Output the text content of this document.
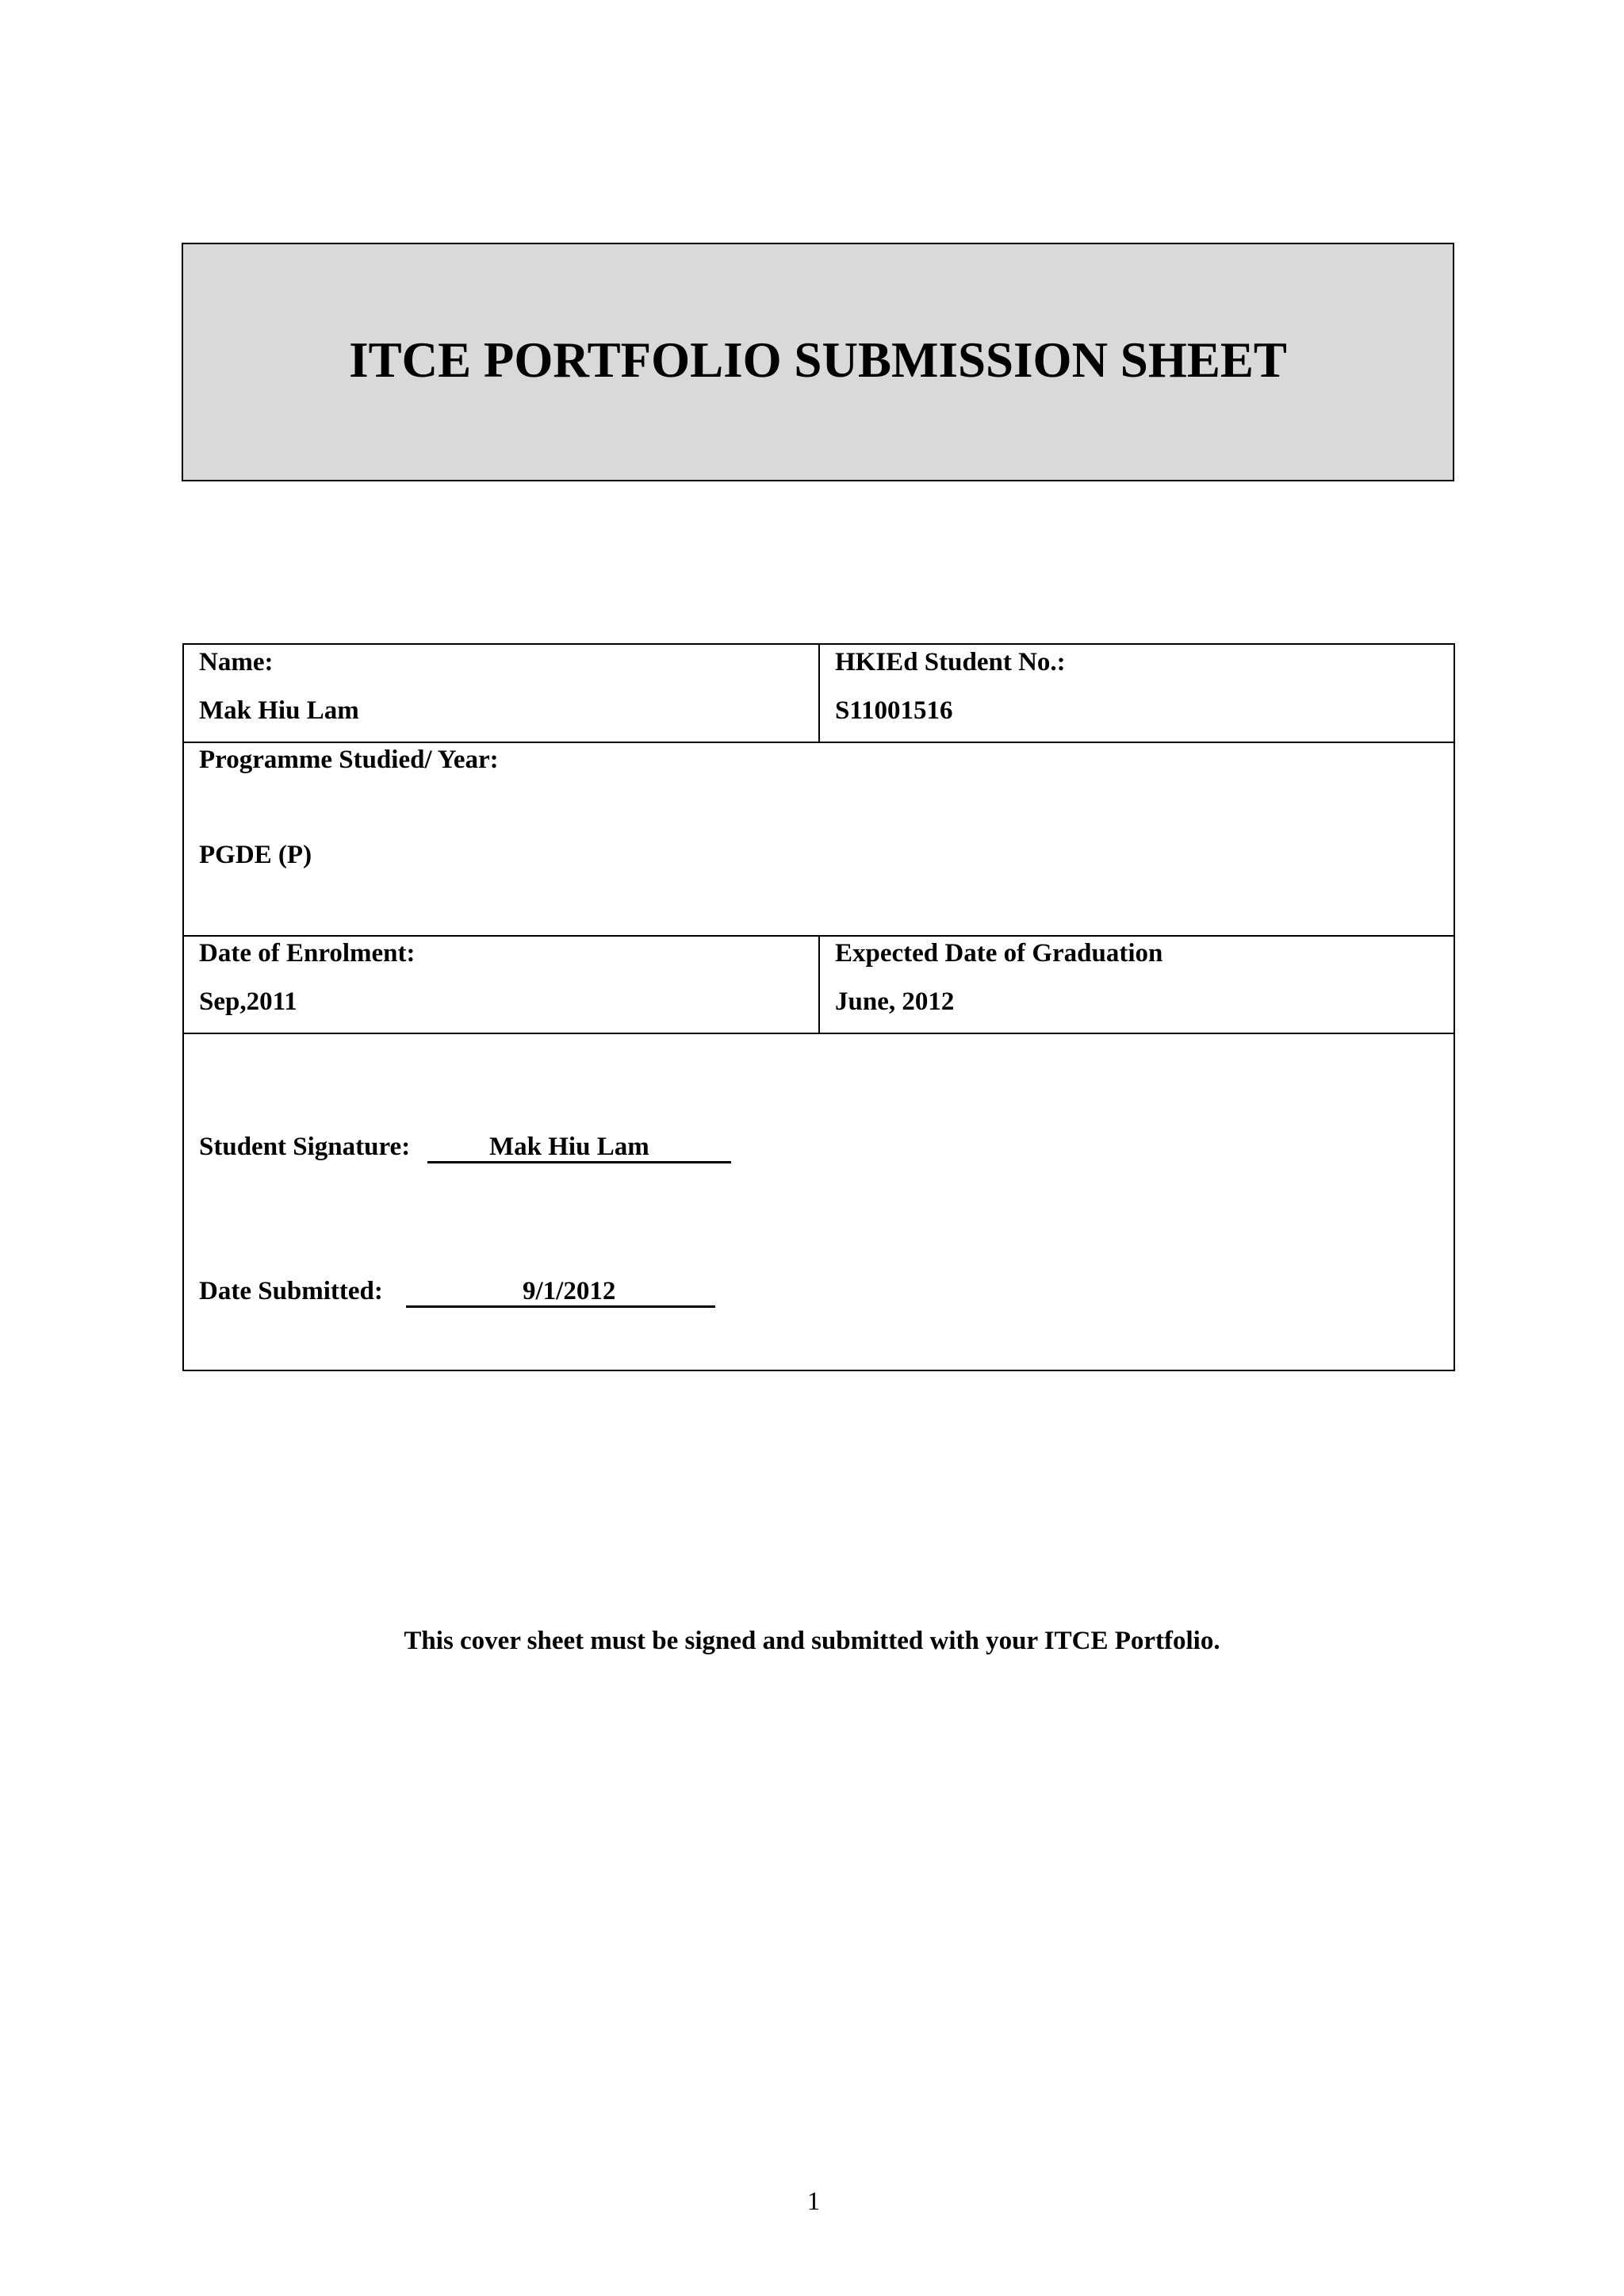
ITCE PORTFOLIO SUBMISSION SHEET
Name:
Mak Hiu Lam
HKIEd Student No.:
S11001516
Programme Studied/ Year:
PGDE (P)
Date of Enrolment:
Sep,2011
Expected Date of Graduation
June, 2012
Student Signature:	Mak Hiu Lam
Date Submitted:	9/1/2012
This cover sheet must be signed and submitted with your ITCE Portfolio.
1
